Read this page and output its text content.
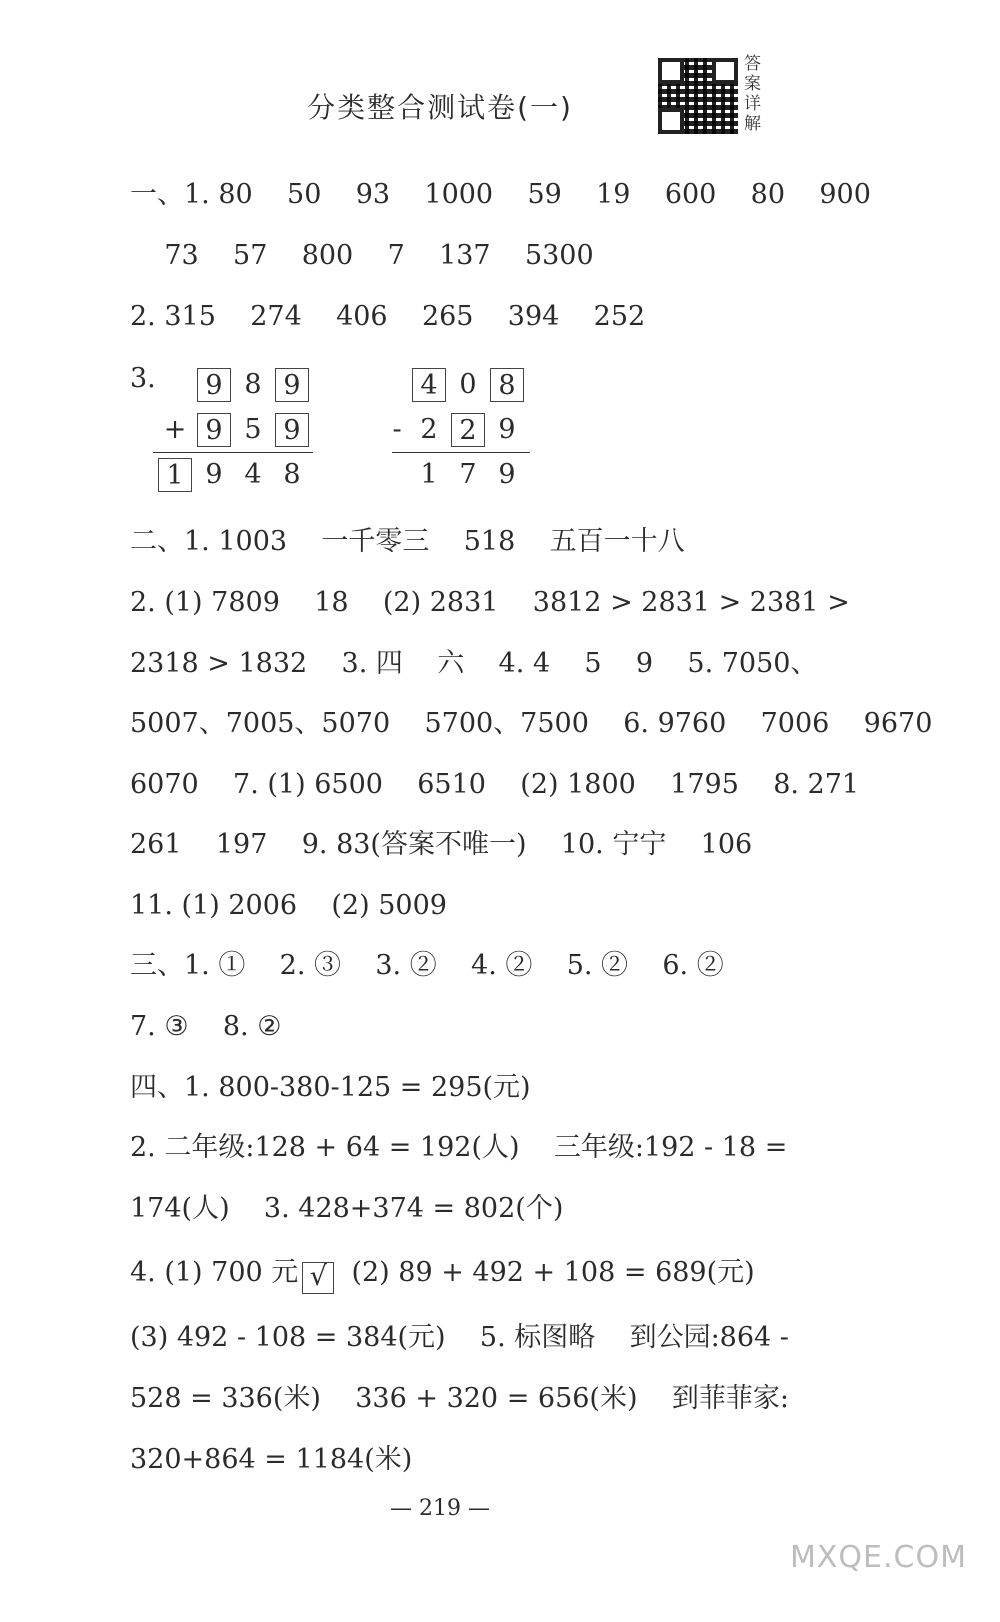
分类整合测试卷(一)
答案详解
一、1. 80    50    93    1000    59    19    600    80    900
73    57    800    7    137    5300
2. 315    274    406    265    394    252
3.	9 8 9
+ 9 5 9
1 9 4 8
4 0 8
- 2 2 9
1 7 9
二、1. 1003    一千零三    518    五百一十八
2. (1) 7809    18    (2) 2831    3812 > 2831 > 2381 >
2318 > 1832    3. 四    六    4. 4    5    9    5. 7050、
5007、7005、5070    5700、7500    6. 9760    7006    9670
6070    7. (1) 6500    6510    (2) 1800    1795    8. 271
261    197    9. 83(答案不唯一)    10. 宁宁    106
11. (1) 2006    (2) 5009
三、1. ①    2. ③    3. ②    4. ②    5. ②    6. ②
7. ③    8. ②
四、1. 800-380-125 = 295(元)
2. 二年级:128 + 64 = 192(人)    三年级:192 - 18 =
174(人)    3. 428+374 = 802(个)
4. (1) 700 元 √  (2) 89 + 492 + 108 = 689(元)
(3) 492 - 108 = 384(元)    5. 标图略    到公园:864 -
528 = 336(米)    336 + 320 = 656(米)    到菲菲家:
320+864 = 1184(米)
— 219 —
MXQE.COM
